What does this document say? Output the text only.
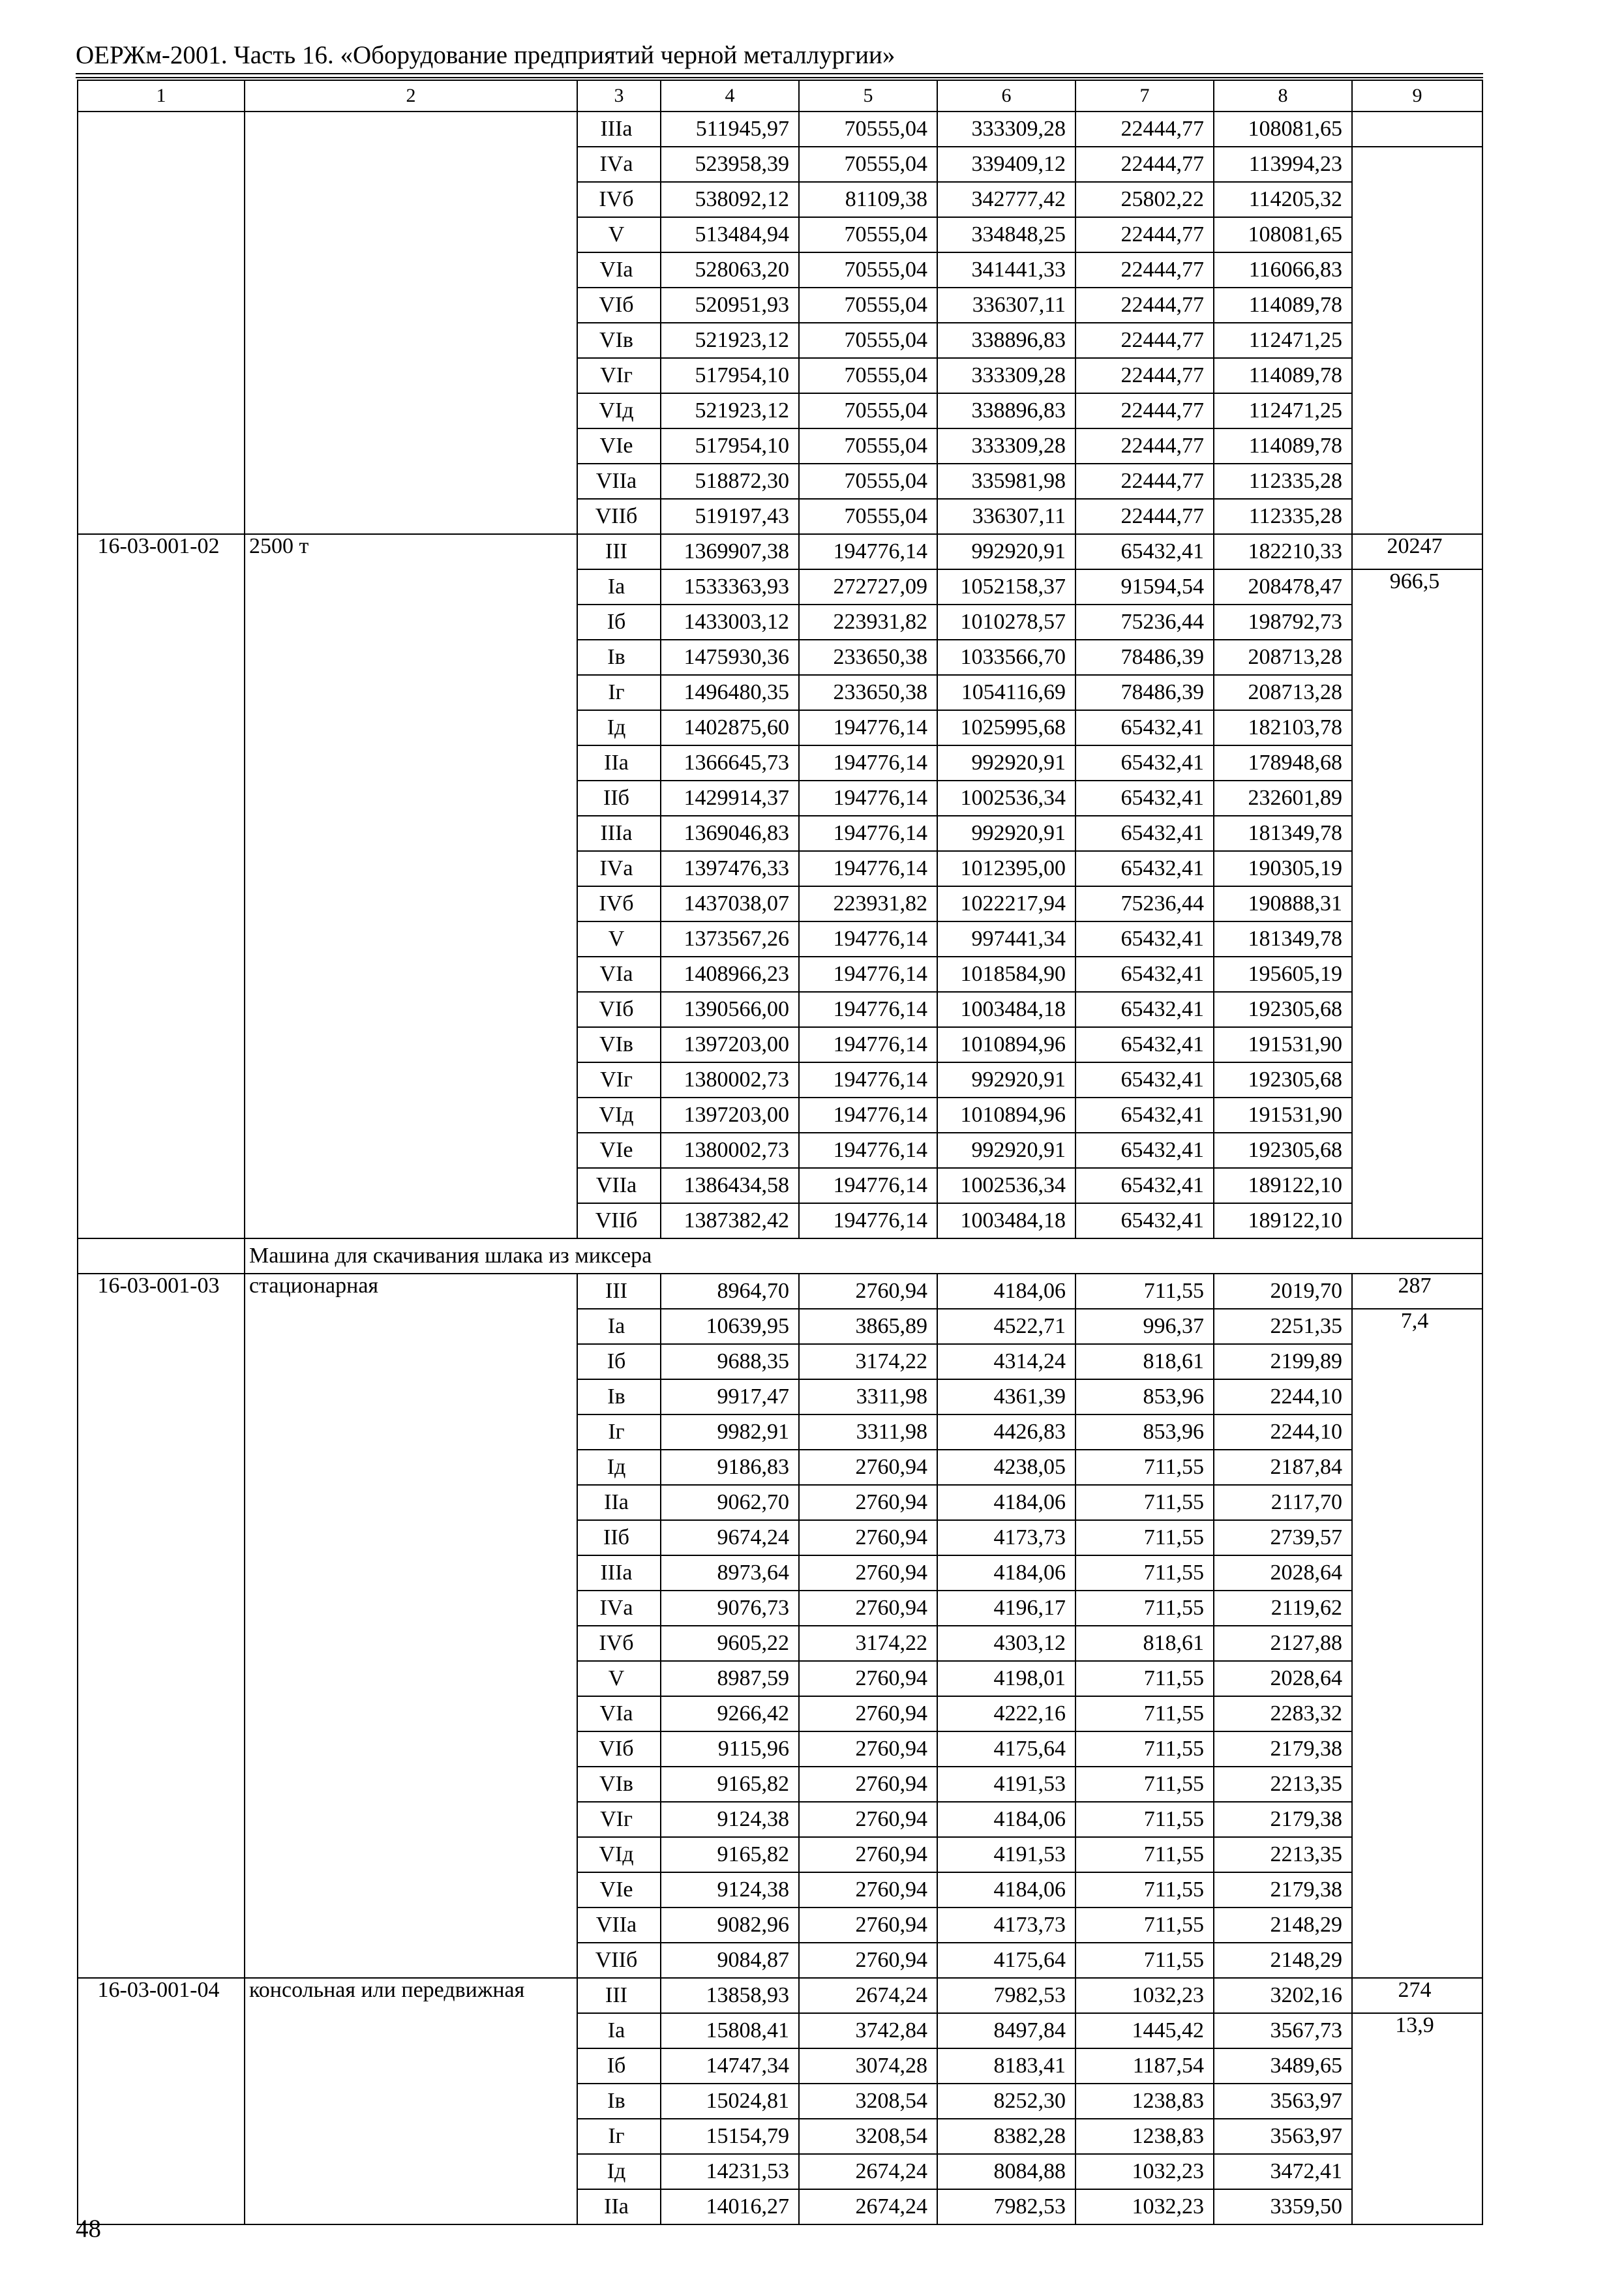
ОЕРЖм-2001. Часть 16. «Оборудование предприятий черной металлургии»
1	2	3	4	5	6	7	8	9
		IIIа	511945,97	70555,04	333309,28	22444,77	108081,65	
		IVа	523958,39	70555,04	339409,12	22444,77	113994,23	
		IVб	538092,12	81109,38	342777,42	25802,22	114205,32	
		V	513484,94	70555,04	334848,25	22444,77	108081,65	
		VIа	528063,20	70555,04	341441,33	22444,77	116066,83	
		VIб	520951,93	70555,04	336307,11	22444,77	114089,78	
		VIв	521923,12	70555,04	338896,83	22444,77	112471,25	
		VIг	517954,10	70555,04	333309,28	22444,77	114089,78	
		VIд	521923,12	70555,04	338896,83	22444,77	112471,25	
		VIе	517954,10	70555,04	333309,28	22444,77	114089,78	
		VIIа	518872,30	70555,04	335981,98	22444,77	112335,28	
		VIIб	519197,43	70555,04	336307,11	22444,77	112335,28	
16-03-001-02	2500 т	III	1369907,38	194776,14	992920,91	65432,41	182210,33	20247
		Iа	1533363,93	272727,09	1052158,37	91594,54	208478,47	966,5
		Iб	1433003,12	223931,82	1010278,57	75236,44	198792,73	
		Iв	1475930,36	233650,38	1033566,70	78486,39	208713,28	
		Iг	1496480,35	233650,38	1054116,69	78486,39	208713,28	
		Iд	1402875,60	194776,14	1025995,68	65432,41	182103,78	
		IIа	1366645,73	194776,14	992920,91	65432,41	178948,68	
		IIб	1429914,37	194776,14	1002536,34	65432,41	232601,89	
		IIIа	1369046,83	194776,14	992920,91	65432,41	181349,78	
		IVа	1397476,33	194776,14	1012395,00	65432,41	190305,19	
		IVб	1437038,07	223931,82	1022217,94	75236,44	190888,31	
		V	1373567,26	194776,14	997441,34	65432,41	181349,78	
		VIа	1408966,23	194776,14	1018584,90	65432,41	195605,19	
		VIб	1390566,00	194776,14	1003484,18	65432,41	192305,68	
		VIв	1397203,00	194776,14	1010894,96	65432,41	191531,90	
		VIг	1380002,73	194776,14	992920,91	65432,41	192305,68	
		VIд	1397203,00	194776,14	1010894,96	65432,41	191531,90	
		VIе	1380002,73	194776,14	992920,91	65432,41	192305,68	
		VIIа	1386434,58	194776,14	1002536,34	65432,41	189122,10	
		VIIб	1387382,42	194776,14	1003484,18	65432,41	189122,10	
	Машина для скачивания шлака из миксера							
16-03-001-03	стационарная	III	8964,70	2760,94	4184,06	711,55	2019,70	287
		Iа	10639,95	3865,89	4522,71	996,37	2251,35	7,4
		Iб	9688,35	3174,22	4314,24	818,61	2199,89	
		Iв	9917,47	3311,98	4361,39	853,96	2244,10	
		Iг	9982,91	3311,98	4426,83	853,96	2244,10	
		Iд	9186,83	2760,94	4238,05	711,55	2187,84	
		IIа	9062,70	2760,94	4184,06	711,55	2117,70	
		IIб	9674,24	2760,94	4173,73	711,55	2739,57	
		IIIа	8973,64	2760,94	4184,06	711,55	2028,64	
		IVа	9076,73	2760,94	4196,17	711,55	2119,62	
		IVб	9605,22	3174,22	4303,12	818,61	2127,88	
		V	8987,59	2760,94	4198,01	711,55	2028,64	
		VIа	9266,42	2760,94	4222,16	711,55	2283,32	
		VIб	9115,96	2760,94	4175,64	711,55	2179,38	
		VIв	9165,82	2760,94	4191,53	711,55	2213,35	
		VIг	9124,38	2760,94	4184,06	711,55	2179,38	
		VIд	9165,82	2760,94	4191,53	711,55	2213,35	
		VIе	9124,38	2760,94	4184,06	711,55	2179,38	
		VIIа	9082,96	2760,94	4173,73	711,55	2148,29	
		VIIб	9084,87	2760,94	4175,64	711,55	2148,29	
16-03-001-04	консольная или передвижная	III	13858,93	2674,24	7982,53	1032,23	3202,16	274
		Iа	15808,41	3742,84	8497,84	1445,42	3567,73	13,9
		Iб	14747,34	3074,28	8183,41	1187,54	3489,65	
		Iв	15024,81	3208,54	8252,30	1238,83	3563,97	
		Iг	15154,79	3208,54	8382,28	1238,83	3563,97	
		Iд	14231,53	2674,24	8084,88	1032,23	3472,41	
		IIа	14016,27	2674,24	7982,53	1032,23	3359,50	
48
